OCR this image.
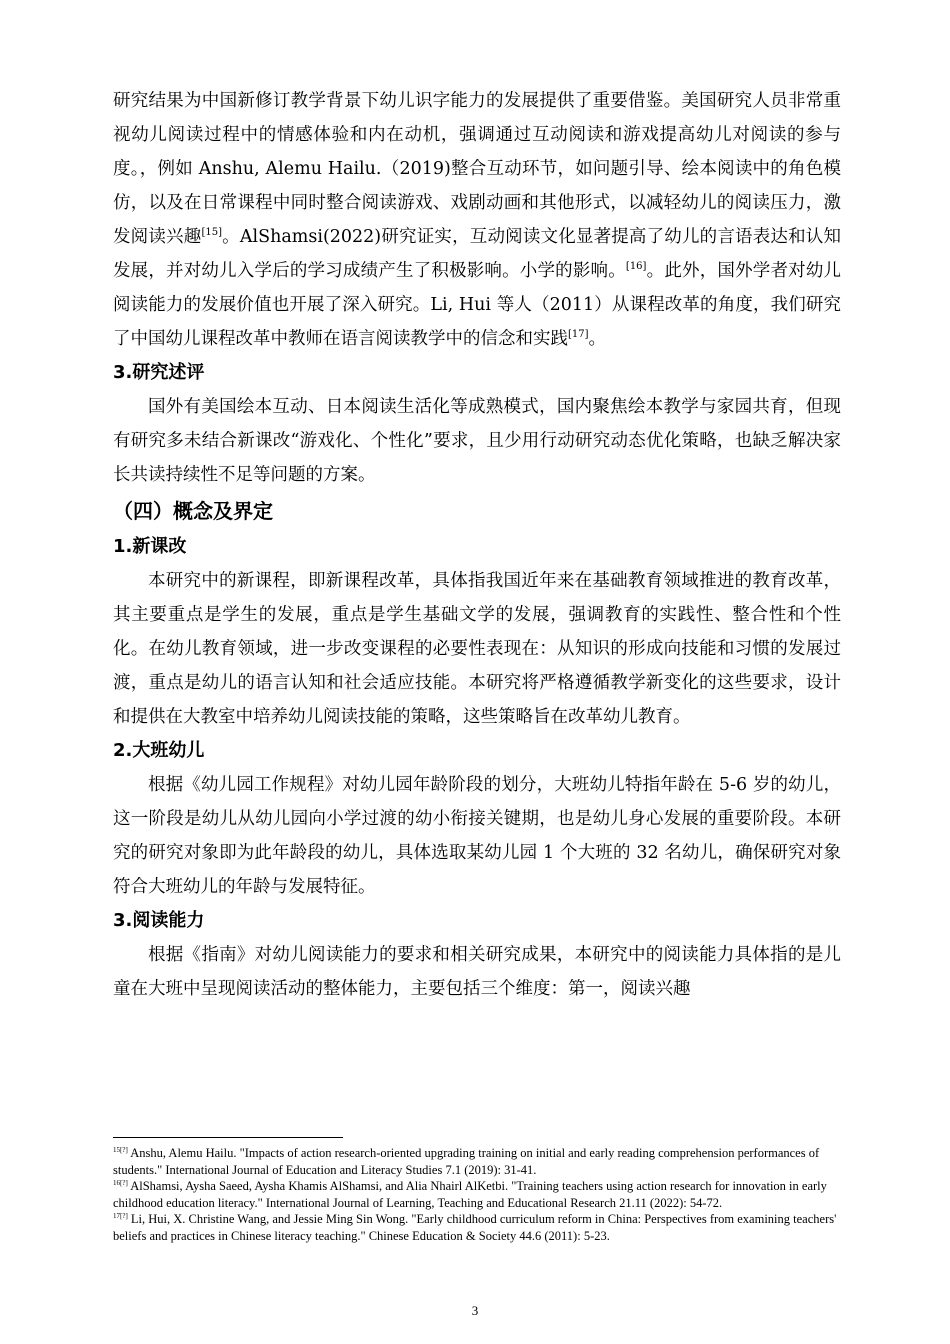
研究结果为中国新修订教学背景下幼儿识字能力的发展提供了重要借鉴。美国研究人员非常重视幼儿阅读过程中的情感体验和内在动机，强调通过互动阅读和游戏提高幼儿对阅读的参与度。，例如 Anshu, Alemu Hailu.（2019)整合互动环节，如问题引导、绘本阅读中的角色模仿，以及在日常课程中同时整合阅读游戏、戏剧动画和其他形式，以减轻幼儿的阅读压力，激发阅读兴趣[15]。AlShamsi(2022)研究证实，互动阅读文化显著提高了幼儿的言语表达和认知发展，并对幼儿入学后的学习成绩产生了积极影响。小学的影响。[16]。此外，国外学者对幼儿阅读能力的发展价值也开展了深入研究。Li, Hui 等人（2011）从课程改革的角度，我们研究了中国幼儿课程改革中教师在语言阅读教学中的信念和实践[17]。

3.研究述评

国外有美国绘本互动、日本阅读生活化等成熟模式，国内聚焦绘本教学与家园共育，但现有研究多未结合新课改“游戏化、个性化”要求，且少用行动研究动态优化策略，也缺乏解决家长共读持续性不足等问题的方案。

（四）概念及界定
1.新课改

本研究中的新课程，即新课程改革，具体指我国近年来在基础教育领域推进的教育改革，其主要重点是学生的发展，重点是学生基础文学的发展，强调教育的实践性、整合性和个性化。在幼儿教育领域，进一步改变课程的必要性表现在：从知识的形成向技能和习惯的发展过渡，重点是幼儿的语言认知和社会适应技能。本研究将严格遵循教学新变化的这些要求，设计和提供在大教室中培养幼儿阅读技能的策略，这些策略旨在改革幼儿教育。

2.大班幼儿

根据《幼儿园工作规程》对幼儿园年龄阶段的划分，大班幼儿特指年龄在 5-6 岁的幼儿，这一阶段是幼儿从幼儿园向小学过渡的幼小衔接关键期，也是幼儿身心发展的重要阶段。本研究的研究对象即为此年龄段的幼儿，具体选取某幼儿园 1 个大班的 32 名幼儿，确保研究对象符合大班幼儿的年龄与发展特征。

3.阅读能力

根据《指南》对幼儿阅读能力的要求和相关研究成果，本研究中的阅读能力具体指的是儿童在大班中呈现阅读活动的整体能力，主要包括三个维度：第一，阅读兴趣

$^{15[?]}$ Anshu, Alemu Hailu. "Impacts of action research-oriented upgrading training on initial and early reading comprehension performances of students." International Journal of Education and Literacy Studies 7.1 (2019): 31-41.

$^{16[?]}$ AlShamsi, Aysha Saeed, Aysha Khamis AlShamsi, and Alia Nhairl AlKetbi. "Training teachers using action research for innovation in early childhood education literacy." International Journal of Learning, Teaching and Educational Research 21.11 (2022): 54-72.

$^{17[?]}$ Li, Hui, X. Christine Wang, and Jessie Ming Sin Wong. "Early childhood curriculum reform in China: Perspectives from examining teachers' beliefs and practices in Chinese literacy teaching." Chinese Education & Society 44.6 (2011): 5-23.

3
